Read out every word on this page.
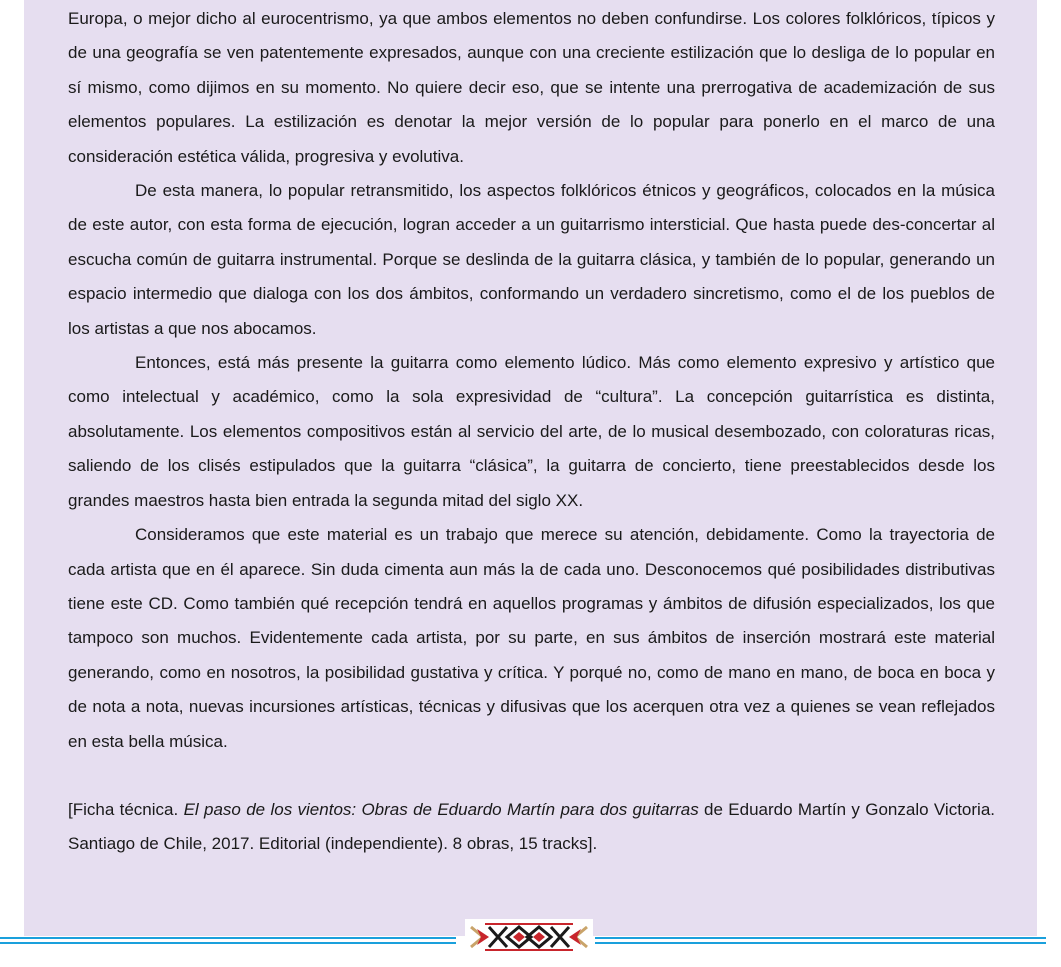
Europa, o mejor dicho al eurocentrismo, ya que ambos elementos no deben confundirse. Los colores folklóricos, típicos y de una geografía se ven patentemente expresados, aunque con una creciente estilización que lo desliga de lo popular en sí mismo, como dijimos en su momento. No quiere decir eso, que se intente una prerrogativa de academización de sus elementos populares. La estilización es denotar la mejor versión de lo popular para ponerlo en el marco de una consideración estética válida, progresiva y evolutiva.

De esta manera, lo popular retransmitido, los aspectos folklóricos étnicos y geográficos, colocados en la música de este autor, con esta forma de ejecución, logran acceder a un guitarrismo intersticial. Que hasta puede des-concertar al escucha común de guitarra instrumental. Porque se deslinda de la guitarra clásica, y también de lo popular, generando un espacio intermedio que dialoga con los dos ámbitos, conformando un verdadero sincretismo, como el de los pueblos de los artistas a que nos abocamos.

Entonces, está más presente la guitarra como elemento lúdico. Más como elemento expresivo y artístico que como intelectual y académico, como la sola expresividad de “cultura”. La concepción guitarrística es distinta, absolutamente. Los elementos compositivos están al servicio del arte, de lo musical desembozado, con coloraturas ricas, saliendo de los clisés estipulados que la guitarra “clásica”, la guitarra de concierto, tiene preestablecidos desde los grandes maestros hasta bien entrada la segunda mitad del siglo XX.

Consideramos que este material es un trabajo que merece su atención, debidamente. Como la trayectoria de cada artista que en él aparece. Sin duda cimenta aun más la de cada uno. Desconocemos qué posibilidades distributivas tiene este CD. Como también qué recepción tendrá en aquellos programas y ámbitos de difusión especializados, los que tampoco son muchos. Evidentemente cada artista, por su parte, en sus ámbitos de inserción mostrará este material generando, como en nosotros, la posibilidad gustativa y crítica. Y porqué no, como de mano en mano, de boca en boca y de nota a nota, nuevas incursiones artísticas, técnicas y difusivas que los acerquen otra vez a quienes se vean reflejados en esta bella música.

[Ficha técnica. El paso de los vientos: Obras de Eduardo Martín para dos guitarras de Eduardo Martín y Gonzalo Victoria. Santiago de Chile, 2017. Editorial (independiente). 8 obras, 15 tracks].
